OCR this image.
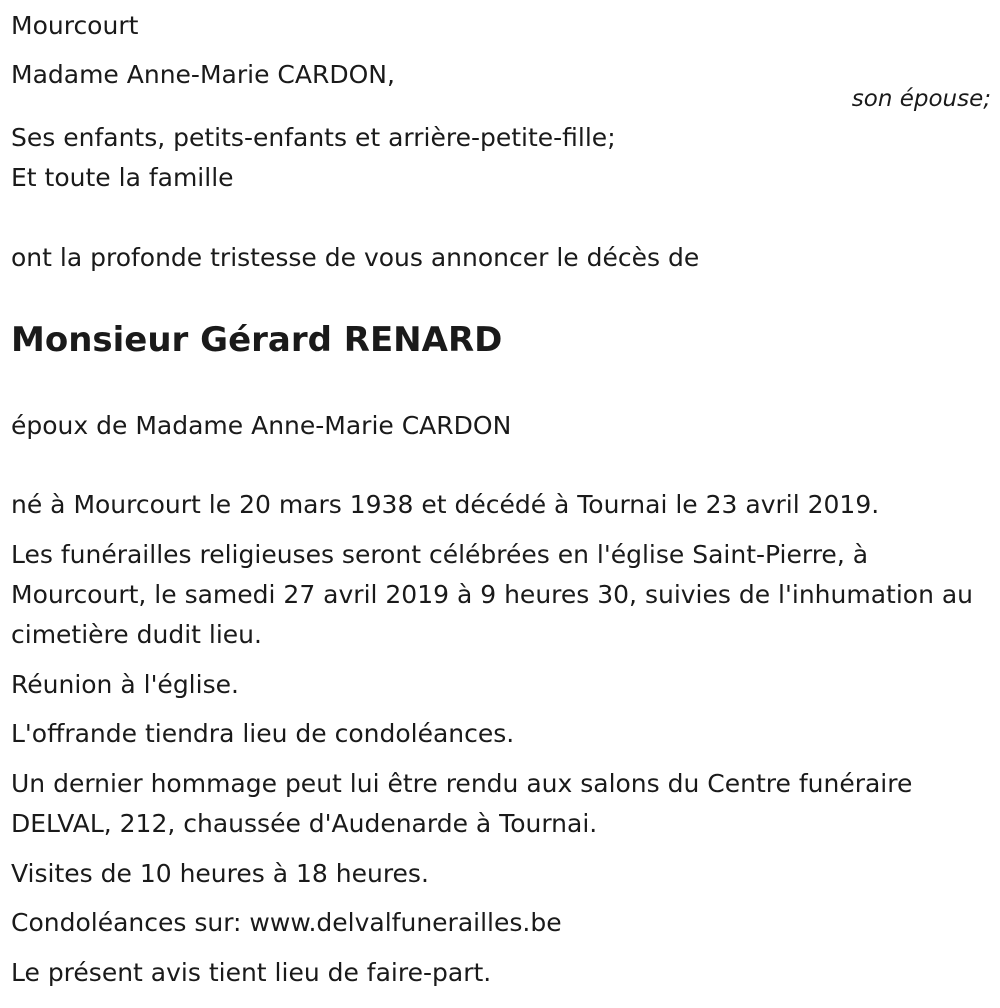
Mourcourt
Madame Anne-Marie CARDON,
son épouse;
Ses enfants, petits-enfants et arrière-petite-fille;
Et toute la famille
ont la profonde tristesse de vous annoncer le décès de
Monsieur Gérard RENARD
époux de Madame Anne-Marie CARDON
né à Mourcourt le 20 mars 1938 et décédé à Tournai le 23 avril 2019.

Les funérailles religieuses seront célébrées en l'église Saint-Pierre, à Mourcourt, le samedi 27 avril 2019 à 9 heures 30, suivies de l'inhumation au cimetière dudit lieu.

Réunion à l'église.
L'offrande tiendra lieu de condoléances.

Un dernier hommage peut lui être rendu aux salons du Centre funéraire DELVAL, 212, chaussée d'Audenarde à Tournai.

Visites de 10 heures à 18 heures.
Condoléances sur: www.delvalfunerailles.be
Le présent avis tient lieu de faire-part.
